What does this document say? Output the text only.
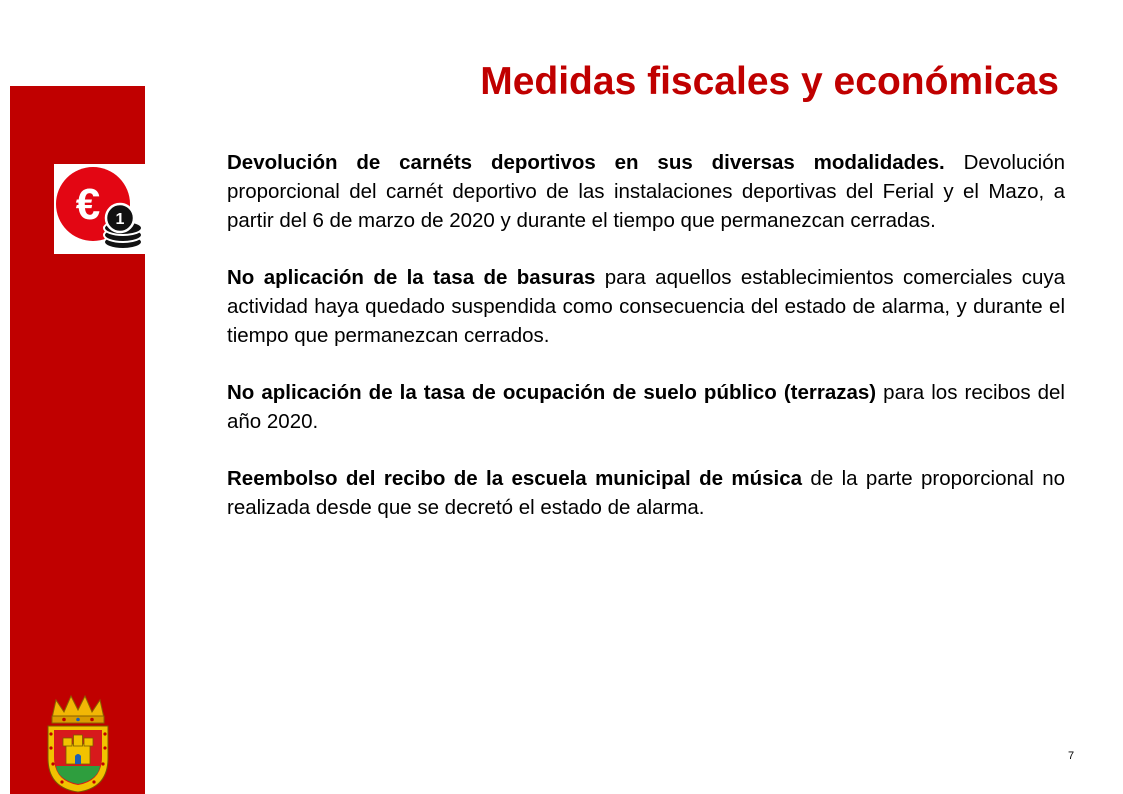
€ 1
Medidas fiscales y económicas

Devolución de carnéts deportivos en sus diversas modalidades. Devolución proporcional del carnét deportivo de las instalaciones deportivas del Ferial y el Mazo, a partir del 6 de marzo de 2020 y durante el tiempo que permanezcan cerradas.

No aplicación de la tasa de basuras para aquellos establecimientos comerciales cuya actividad haya quedado suspendida como consecuencia del estado de alarma, y durante el tiempo que permanezcan cerrados.

No aplicación de la tasa de ocupación de suelo público (terrazas) para los recibos del año 2020.

Reembolso del recibo de la escuela municipal de música de la parte proporcional no realizada desde que se decretó el estado de alarma.

7
